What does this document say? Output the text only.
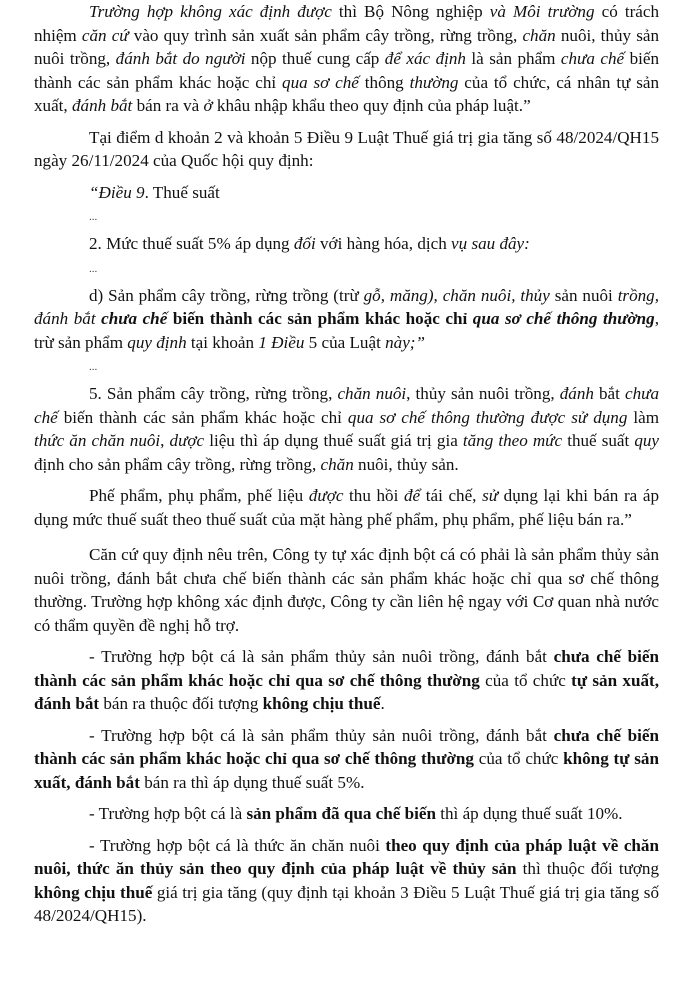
Trường hợp không xác định được thì Bộ Nông nghiệp và Môi trường có trách nhiệm căn cứ vào quy trình sản xuất sản phẩm cây trồng, rừng trồng, chăn nuôi, thủy sản nuôi trồng, đánh bắt do người nộp thuế cung cấp để xác định là sản phẩm chưa chế biến thành các sản phẩm khác hoặc chỉ qua sơ chế thông thường của tổ chức, cá nhân tự sản xuất, đánh bắt bán ra và ở khâu nhập khẩu theo quy định của pháp luật.”

Tại điểm d khoản 2 và khoản 5 Điều 9 Luật Thuế giá trị gia tăng số 48/2024/QH15 ngày 26/11/2024 của Quốc hội quy định:

“Điều 9. Thuế suất

...

2. Mức thuế suất 5% áp dụng đối với hàng hóa, dịch vụ sau đây:

...

d) Sản phẩm cây trồng, rừng trồng (trừ gỗ, măng), chăn nuôi, thủy sản nuôi trồng, đánh bắt chưa chế biến thành các sản phẩm khác hoặc chỉ qua sơ chế thông thường, trừ sản phẩm quy định tại khoản 1 Điều 5 của Luật này;”

...

5. Sản phẩm cây trồng, rừng trồng, chăn nuôi, thủy sản nuôi trồng, đánh bắt chưa chế biến thành các sản phẩm khác hoặc chỉ qua sơ chế thông thường được sử dụng làm thức ăn chăn nuôi, dược liệu thì áp dụng thuế suất giá trị gia tăng theo mức thuế suất quy định cho sản phẩm cây trồng, rừng trồng, chăn nuôi, thủy sản.

Phế phẩm, phụ phẩm, phế liệu được thu hồi để tái chế, sử dụng lại khi bán ra áp dụng mức thuế suất theo thuế suất của mặt hàng phế phẩm, phụ phẩm, phế liệu bán ra.”

Căn cứ quy định nêu trên, Công ty tự xác định bột cá có phải là sản phẩm thủy sản nuôi trồng, đánh bắt chưa chế biến thành các sản phẩm khác hoặc chỉ qua sơ chế thông thường. Trường hợp không xác định được, Công ty cần liên hệ ngay với Cơ quan nhà nước có thẩm quyền đề nghị hỗ trợ.

- Trường hợp bột cá là sản phẩm thủy sản nuôi trồng, đánh bắt chưa chế biến thành các sản phẩm khác hoặc chỉ qua sơ chế thông thường của tổ chức tự sản xuất, đánh bắt bán ra thuộc đối tượng không chịu thuế.

- Trường hợp bột cá là sản phẩm thủy sản nuôi trồng, đánh bắt chưa chế biến thành các sản phẩm khác hoặc chỉ qua sơ chế thông thường của tổ chức không tự sản xuất, đánh bắt bán ra thì áp dụng thuế suất 5%.

- Trường hợp bột cá là sản phẩm đã qua chế biến thì áp dụng thuế suất 10%.

- Trường hợp bột cá là thức ăn chăn nuôi theo quy định của pháp luật về chăn nuôi, thức ăn thủy sản theo quy định của pháp luật về thủy sản thì thuộc đối tượng không chịu thuế giá trị gia tăng (quy định tại khoản 3 Điều 5 Luật Thuế giá trị gia tăng số 48/2024/QH15).
